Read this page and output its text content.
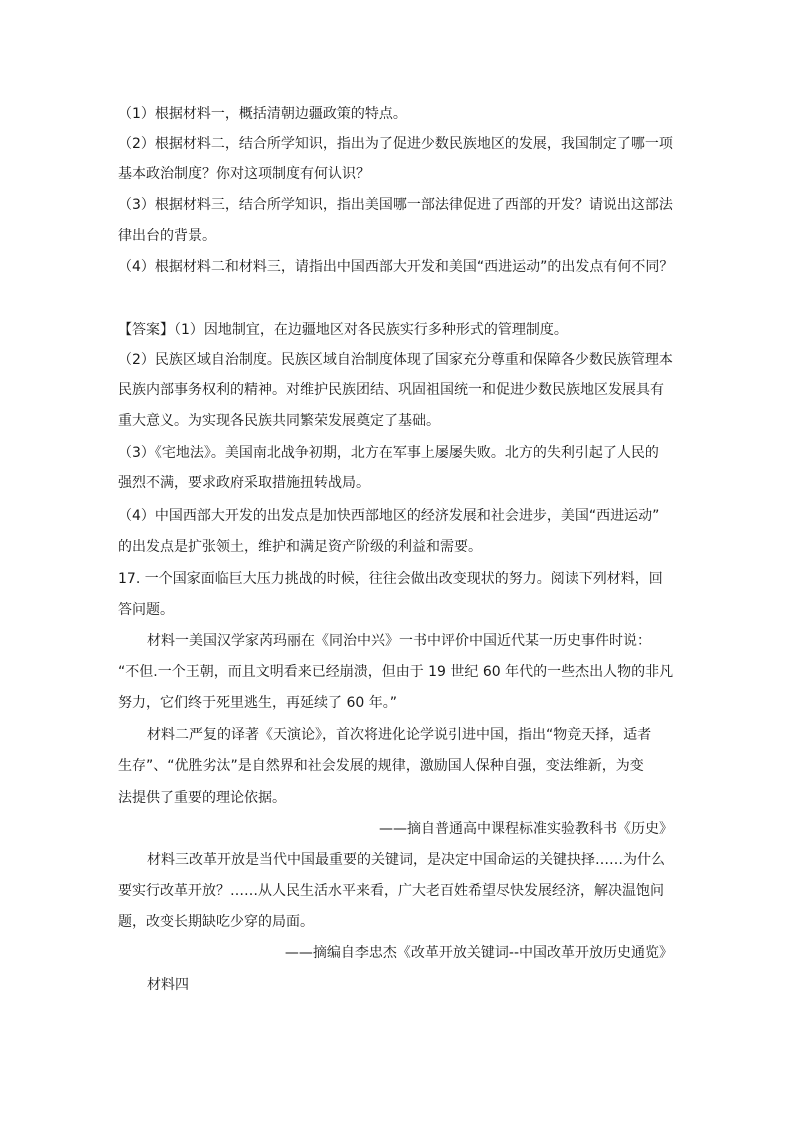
（1）根据材料一，概括清朝边疆政策的特点。
（2）根据材料二，结合所学知识，指出为了促进少数民族地区的发展，我国制定了哪一项
基本政治制度？你对这项制度有何认识？
（3）根据材料三，结合所学知识，指出美国哪一部法律促进了西部的开发？请说出这部法
律出台的背景。
（4）根据材料二和材料三，请指出中国西部大开发和美国“西进运动”的出发点有何不同？
【答案】（1）因地制宜，在边疆地区对各民族实行多种形式的管理制度。
（2）民族区域自治制度。民族区域自治制度体现了国家充分尊重和保障各少数民族管理本
民族内部事务权利的精神。对维护民族团结、巩固祖国统一和促进少数民族地区发展具有
重大意义。为实现各民族共同繁荣发展奠定了基础。
（3）《宅地法》。美国南北战争初期，北方在军事上屡屡失败。北方的失利引起了人民的
强烈不满，要求政府采取措施扭转战局。
（4）中国西部大开发的出发点是加快西部地区的经济发展和社会进步，美国“西进运动”
的出发点是扩张领土，维护和满足资产阶级的利益和需要。
17. 一个国家面临巨大压力挑战的时候，往往会做出改变现状的努力。阅读下列材料，回
答问题。
材料一美国汉学家芮玛丽在《同治中兴》一书中评价中国近代某一历史事件时说：
“不但.一个王朝，而且文明看来已经崩溃，但由于 19 世纪 60 年代的一些杰出人物的非凡
努力，它们终于死里逃生，再延续了 60 年。”
材料二严复的译著《天演论》，首次将进化论学说引进中国，指出“物竞天择，适者
生存”、“优胜劣汰”是自然界和社会发展的规律，激励国人保种自强，变法维新，为变
法提供了重要的理论依据。
——摘自普通高中课程标准实验教科书《历史》
材料三改革开放是当代中国最重要的关键词，是决定中国命运的关键抉择……为什么
要实行改革开放？……从人民生活水平来看，广大老百姓希望尽快发展经济，解决温饱问
题，改变长期缺吃少穿的局面。
——摘编自李忠杰《改革开放关键词--中国改革开放历史通览》
材料四
